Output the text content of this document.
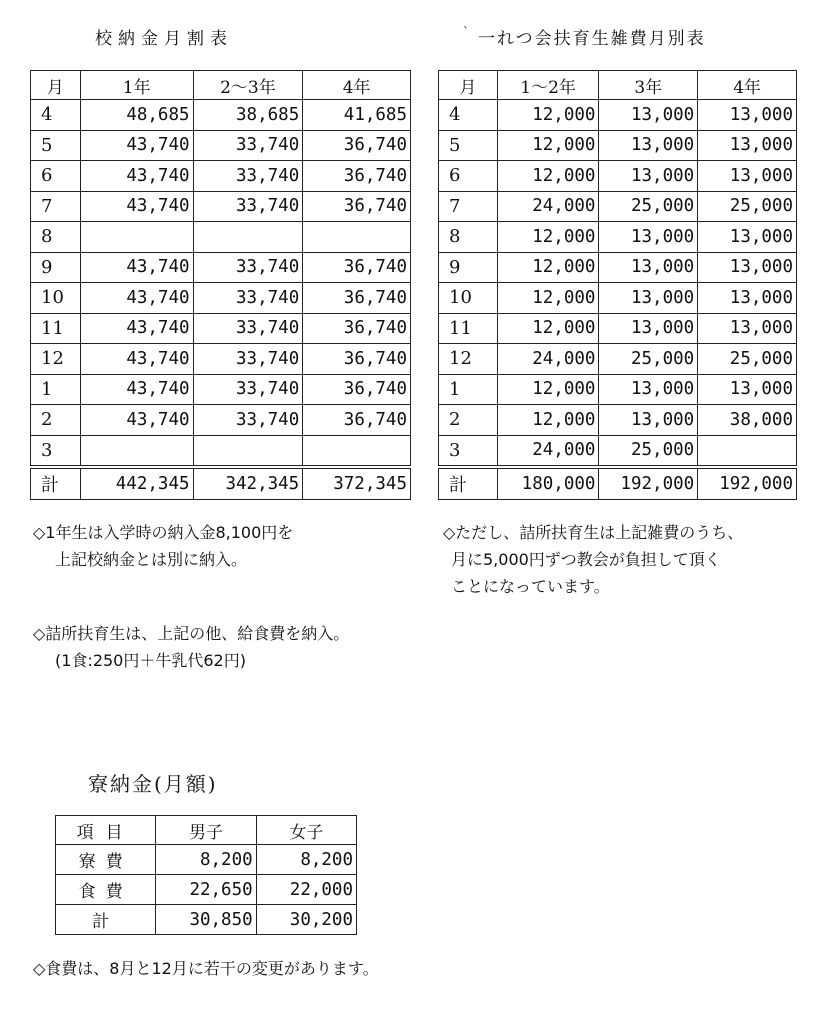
校納金月割表	` 一れつ会扶育生雑費月別表
月	1年	2～3年	4年
4	48,685	38,685	41,685
5	43,740	33,740	36,740
6	43,740	33,740	36,740
7	43,740	33,740	36,740
8			
9	43,740	33,740	36,740
10	43,740	33,740	36,740
11	43,740	33,740	36,740
12	43,740	33,740	36,740
1	43,740	33,740	36,740
2	43,740	33,740	36,740
3			
計	442,345	342,345	372,345
月	1～2年	3年	4年
4	12,000	13,000	13,000
5	12,000	13,000	13,000
6	12,000	13,000	13,000
7	24,000	25,000	25,000
8	12,000	13,000	13,000
9	12,000	13,000	13,000
10	12,000	13,000	13,000
11	12,000	13,000	13,000
12	24,000	25,000	25,000
1	12,000	13,000	13,000
2	12,000	13,000	38,000
3	24,000	25,000	
計	180,000	192,000	192,000
◇1年生は入学時の納入金8,100円を
上記校納金とは別に納入。
◇詰所扶育生は、上記の他、給食費を納入。
(1食:250円＋牛乳代62円)
◇ただし、詰所扶育生は上記雑費のうち、
月に5,000円ずつ教会が負担して頂く
ことになっています。
寮納金(月額)
項目	男子	女子
寮費	8,200	8,200
食費	22,650	22,000
計	30,850	30,200
◇食費は、8月と12月に若干の変更があります。
